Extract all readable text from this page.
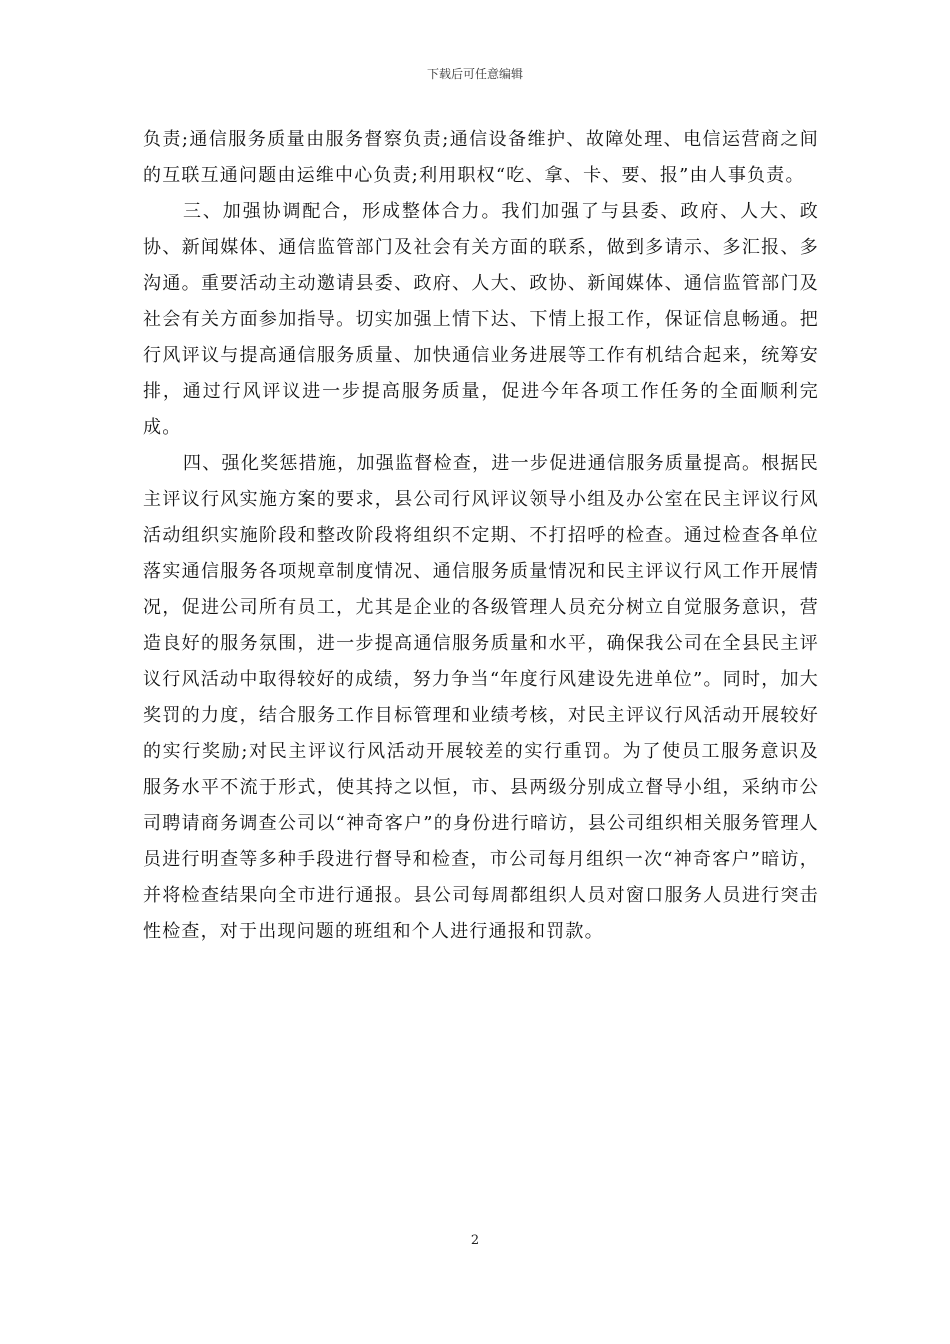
下载后可任意编辑

负责;通信服务质量由服务督察负责;通信设备维护、故障处理、电信运营商之间的互联互通问题由运维中心负责;利用职权“吃、拿、卡、要、报”由人事负责。

三、加强协调配合，形成整体合力。我们加强了与县委、政府、人大、政协、新闻媒体、通信监管部门及社会有关方面的联系，做到多请示、多汇报、多沟通。重要活动主动邀请县委、政府、人大、政协、新闻媒体、通信监管部门及社会有关方面参加指导。切实加强上情下达、下情上报工作，保证信息畅通。把行风评议与提高通信服务质量、加快通信业务进展等工作有机结合起来，统筹安排，通过行风评议进一步提高服务质量，促进今年各项工作任务的全面顺利完成。

四、强化奖惩措施，加强监督检查，进一步促进通信服务质量提高。根据民主评议行风实施方案的要求，县公司行风评议领导小组及办公室在民主评议行风活动组织实施阶段和整改阶段将组织不定期、不打招呼的检查。通过检查各单位落实通信服务各项规章制度情况、通信服务质量情况和民主评议行风工作开展情况，促进公司所有员工，尤其是企业的各级管理人员充分树立自觉服务意识，营造良好的服务氛围，进一步提高通信服务质量和水平，确保我公司在全县民主评议行风活动中取得较好的成绩，努力争当“年度行风建设先进单位”。同时，加大奖罚的力度，结合服务工作目标管理和业绩考核，对民主评议行风活动开展较好的实行奖励;对民主评议行风活动开展较差的实行重罚。为了使员工服务意识及服务水平不流于形式，使其持之以恒，市、县两级分别成立督导小组，采纳市公司聘请商务调查公司以“神奇客户”的身份进行暗访，县公司组织相关服务管理人员进行明查等多种手段进行督导和检查，市公司每月组织一次“神奇客户”暗访，并将检查结果向全市进行通报。县公司每周都组织人员对窗口服务人员进行突击性检查，对于出现问题的班组和个人进行通报和罚款。

2
